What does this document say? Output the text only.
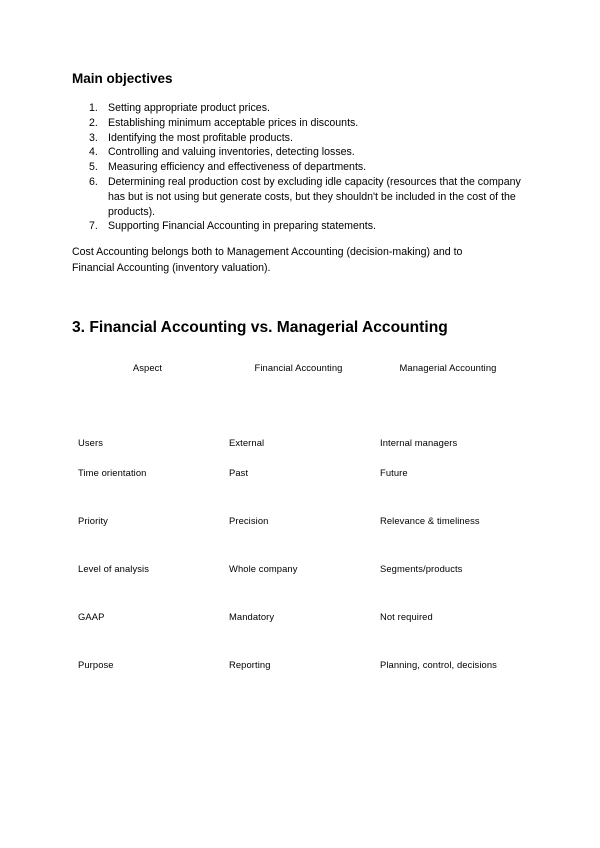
Main objectives
1. Setting appropriate product prices.
2. Establishing minimum acceptable prices in discounts.
3. Identifying the most profitable products.
4. Controlling and valuing inventories, detecting losses.
5. Measuring efficiency and effectiveness of departments.
6. Determining real production cost by excluding idle capacity (resources that the company has but is not using but generate costs, but they shouldn't be included in the cost of the products).
7. Supporting Financial Accounting in preparing statements.

Cost Accounting belongs both to Management Accounting (decision-making) and to Financial Accounting (inventory valuation).

3. Financial Accounting vs. Managerial Accounting
Aspect	Financial Accounting	Managerial Accounting
Users	External	Internal managers
Time orientation	Past	Future
Priority	Precision	Relevance & timeliness
Level of analysis	Whole company	Segments/products
GAAP	Mandatory	Not required
Purpose	Reporting	Planning, control, decisions
